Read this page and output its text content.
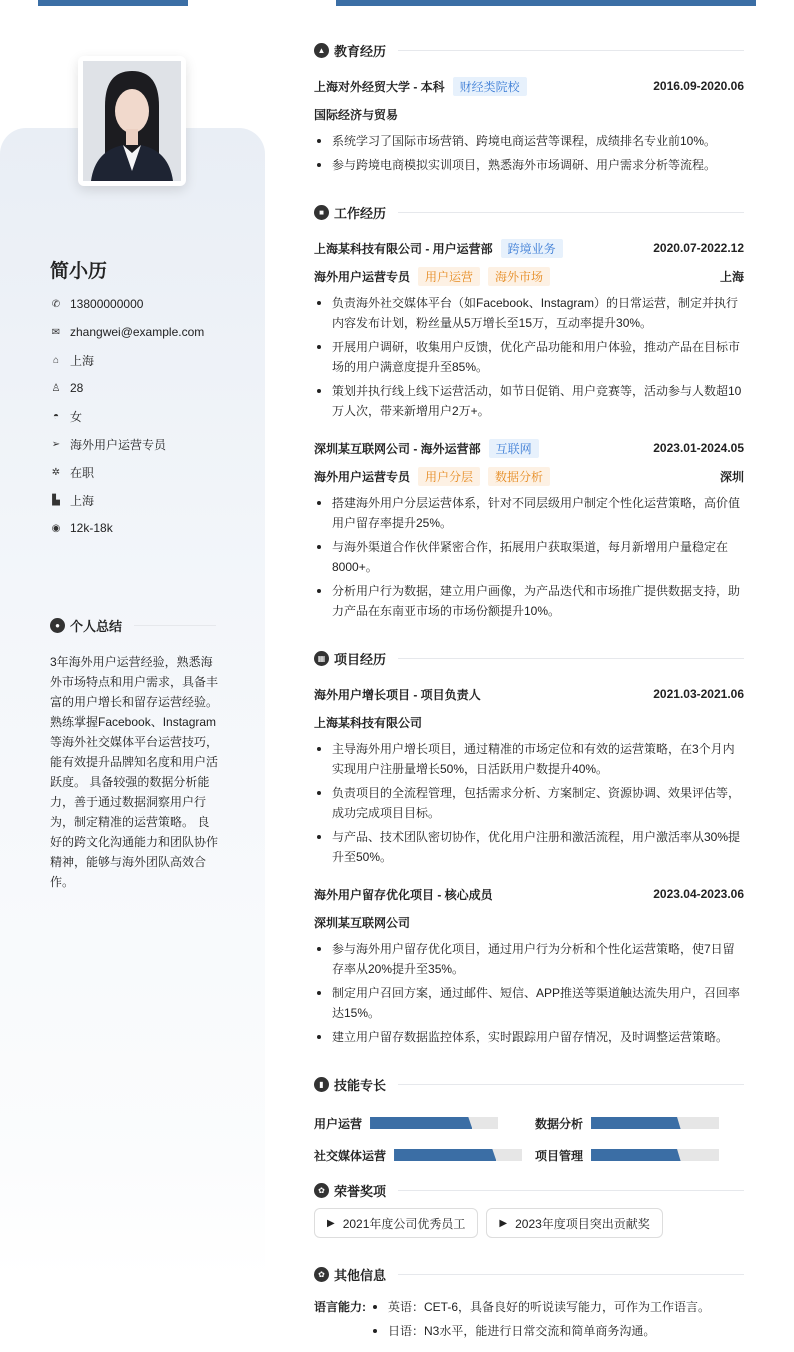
简小历
✆ 13800000000
✉ zhangwei@example.com
⌂ 上海
♙ 28
◓ 女
➢ 海外用户运营专员
✲ 在职
▙ 上海
◉ 12k-18k
● 个人总结
3年海外用户运营经验，熟悉海外市场特点和用户需求，具备丰富的用户增长和留存运营经验。 熟练掌握Facebook、Instagram等海外社交媒体平台运营技巧，能有效提升品牌知名度和用户活跃度。 具备较强的数据分析能力，善于通过数据洞察用户行为，制定精准的运营策略。 良好的跨文化沟通能力和团队协作精神，能够与海外团队高效合作。
▲ 教育经历
上海对外经贸大学 - 本科	财经类院校	2016.09-2020.06
国际经济与贸易
系统学习了国际市场营销、跨境电商运营等课程，成绩排名专业前10%。
参与跨境电商模拟实训项目，熟悉海外市场调研、用户需求分析等流程。
■ 工作经历
上海某科技有限公司 - 用户运营部	跨境业务	2020.07-2022.12
海外用户运营专员	用户运营	海外市场	上海
负责海外社交媒体平台（如Facebook、Instagram）的日常运营，制定并执行内容发布计划，粉丝量从5万增长至15万，互动率提升30%。
开展用户调研，收集用户反馈，优化产品功能和用户体验，推动产品在目标市场的用户满意度提升至85%。
策划并执行线上线下运营活动，如节日促销、用户竞赛等，活动参与人数超10万人次，带来新增用户2万+。
深圳某互联网公司 - 海外运营部	互联网	2023.01-2024.05
海外用户运营专员	用户分层	数据分析	深圳
搭建海外用户分层运营体系，针对不同层级用户制定个性化运营策略，高价值用户留存率提升25%。
与海外渠道合作伙伴紧密合作，拓展用户获取渠道，每月新增用户量稳定在8000+。
分析用户行为数据，建立用户画像，为产品迭代和市场推广提供数据支持，助力产品在东南亚市场的市场份额提升10%。
▦ 项目经历
海外用户增长项目 - 项目负责人	2021.03-2021.06
上海某科技有限公司
主导海外用户增长项目，通过精准的市场定位和有效的运营策略，在3个月内实现用户注册量增长50%，日活跃用户数提升40%。
负责项目的全流程管理，包括需求分析、方案制定、资源协调、效果评估等，成功完成项目目标。
与产品、技术团队密切协作，优化用户注册和激活流程，用户激活率从30%提升至50%。
海外用户留存优化项目 - 核心成员	2023.04-2023.06
深圳某互联网公司
参与海外用户留存优化项目，通过用户行为分析和个性化运营策略，使7日留存率从20%提升至35%。
制定用户召回方案，通过邮件、短信、APP推送等渠道触达流失用户，召回率达15%。
建立用户留存数据监控体系，实时跟踪用户留存情况，及时调整运营策略。
▮ 技能专长
用户运营	数据分析
社交媒体运营	项目管理
✿ 荣誉奖项
▶ 2021年度公司优秀员工	▶ 2023年度项目突出贡献奖
✿ 其他信息
语言能力:	英语：CET-6，具备良好的听说读写能力，可作为工作语言。
日语：N3水平，能进行日常交流和简单商务沟通。
